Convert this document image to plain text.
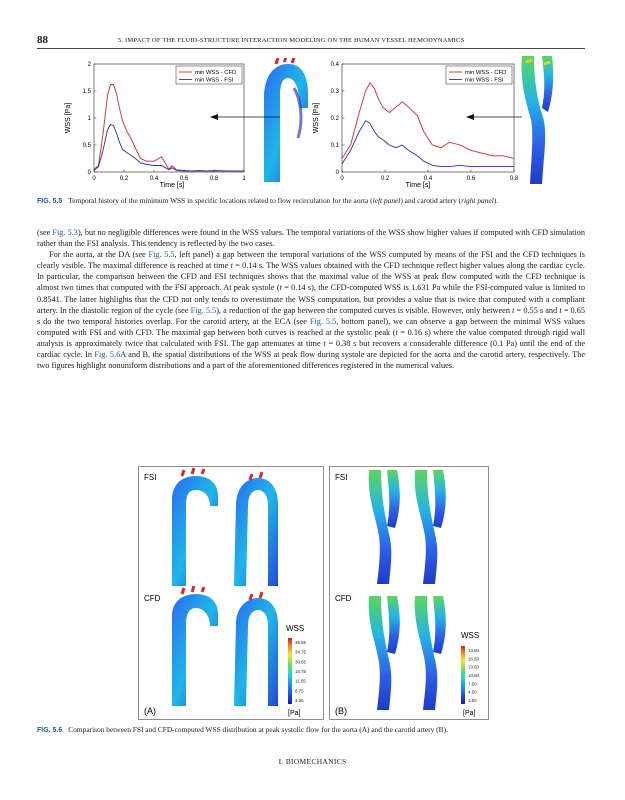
88	5. IMPACT OF THE FLUID-STRUCTURE INTERACTION MODELING ON THE HUMAN VESSEL HEMODYNAMICS
WSS [Pa]
Time [s]
0	0.2	0.4	0.6	0.8	1
0
0.5
1
1.5
2
min WSS - CFD
min WSS - FSI
WSS [Pa]
Time [s]
0	0.2	0.4	0.6	0.8
0
0.1
0.2
0.3
0.4
min WSS - CFD
min WSS - FSI
FIG. 5.5 Temporal history of the minimum WSS in specific locations related to flow recirculation for the aorta (left panel) and carotid artery (right panel).

(see Fig. 5.3), but no negligible differences were found in the WSS values. The temporal variations of the WSS show higher values if computed with CFD simulation rather than the FSI analysis. This tendency is reflected by the two cases.

For the aorta, at the DA (see Fig. 5.5, left panel) a gap between the temporal variations of the WSS computed by means of the FSI and the CFD techniques is clearly visible. The maximal difference is reached at time t = 0.14 s. The WSS values obtained with the CFD technique reflect higher values along the cardiac cycle. In particular, the comparison between the CFD and FSI techniques shows that the maximal value of the WSS at peak flow computed with the CFD technique is almost two times that computed with the FSI approach. At peak systole (t = 0.14 s), the CFD-computed WSS is 1.631 Pa while the FSI-computed value is limited to 0.8541. The latter highlights that the CFD not only tends to overestimate the WSS computation, but provides a value that is twice that computed with a compliant artery. In the diastolic region of the cycle (see Fig. 5.5), a reduction of the gap between the computed curves is visible. However, only between t = 0.55 s and t = 0.65 s do the two temporal histories overlap. For the carotid artery, at the ECA (see Fig. 5.5, bottom panel), we can observe a gap between the minimal WSS values computed with FSI and with CFD. The maximal gap between both curves is reached at the systolic peak (t = 0.16 s) where the value computed through rigid wall analysis is approximately twice that calculated with FSI. The gap attenuates at time t = 0.38 s but recovers a considerable difference (0.1 Pa) until the end of the cardiac cycle. In Fig. 5.6A and B, the spatial distributions of the WSS at peak flow during systole are depicted for the aorta and the carotid artery, respectively. The two figures highlight nonuniform distributions and a part of the aforementioned differences registered in the numerical values.

FSI
CFD
(A)
WSS
39.55
34.75
30.55
15.75
11.55
8.75
3.55
[Pa]
FSI
CFD
(B)
WSS
14.50
16.50
13.50
10.50
7.50
4.50
1.50
[Pa]
FIG. 5.6 Comparison between FSI and CFD-computed WSS distribution at peak systolic flow for the aorta (A) and the carotid artery (B).
I. BIOMECHANICS
